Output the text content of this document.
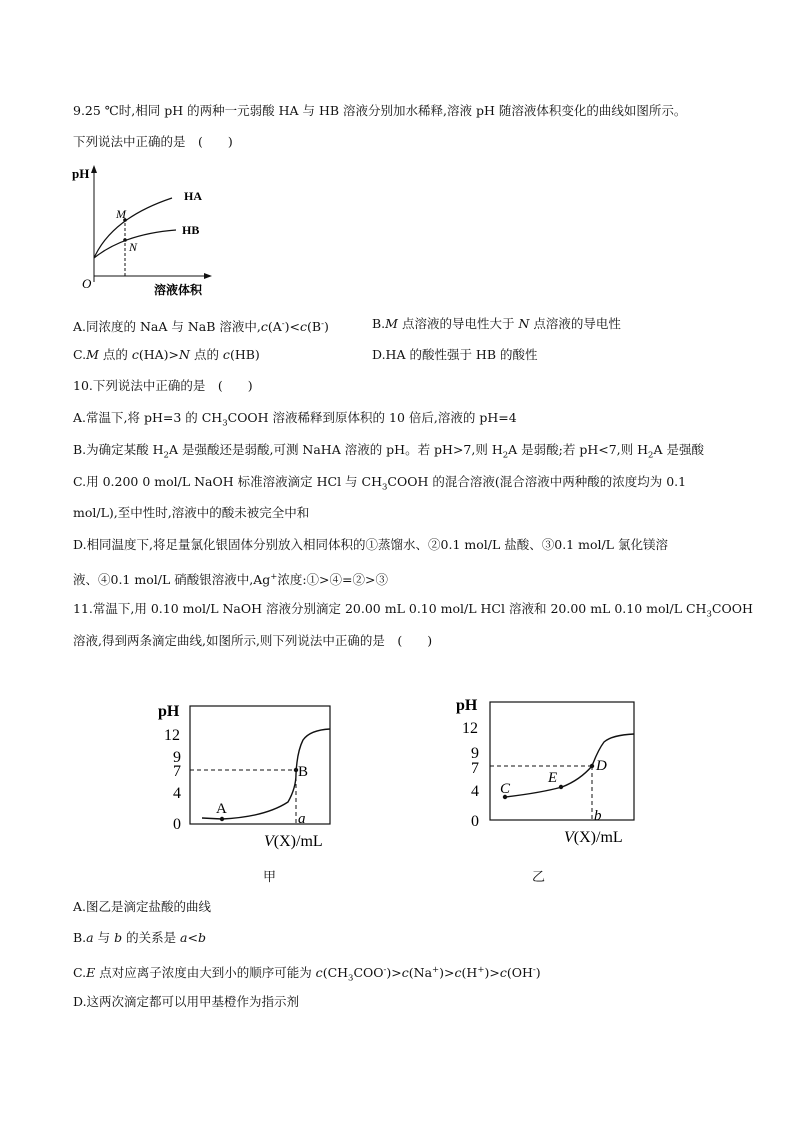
9.25 ℃时,相同 pH 的两种一元弱酸 HA 与 HB 溶液分别加水稀释,溶液 pH 随溶液体积变化的曲线如图所示。
下列说法中正确的是　(　　)
pH
O	溶液体积
HA
HB
M
N
A.同浓度的 NaA 与 NaB 溶液中,c(A-)<c(B-)	B.M 点溶液的导电性大于 N 点溶液的导电性
C.M 点的 c(HA)>N 点的 c(HB)	D.HA 的酸性强于 HB 的酸性
10.下列说法中正确的是　(　　)
A.常温下,将 pH=3 的 $CH_3COOH$ 溶液稀释到原体积的 10 倍后,溶液的 pH=4
B.为确定某酸 $H_2A$ 是强酸还是弱酸,可测 NaHA 溶液的 pH。若 pH>7,则 $H_2A$ 是弱酸;若 pH<7,则 $H_2A$ 是强酸
C.用 0.200 0 mol/L NaOH 标准溶液滴定 HCl 与 $CH_3COOH$ 的混合溶液(混合溶液中两种酸的浓度均为 0.1
mol/L),至中性时,溶液中的酸未被完全中和
D.相同温度下,将足量氯化银固体分别放入相同体积的①蒸馏水、②0.1 mol/L 盐酸、③0.1 mol/L 氯化镁溶
液、④0.1 mol/L 硝酸银溶液中,Ag+浓度:①>④=②>③
11.常温下,用 0.10 mol/L NaOH 溶液分别滴定 20.00 mL 0.10 mol/L HCl 溶液和 20.00 mL 0.10 mol/L $CH_3COOH$
溶液,得到两条滴定曲线,如图所示,则下列说法中正确的是　(　　)
pH
12
9
7
4
0
A
B
a
V(X)/mL
甲
pH
12
9
7
4
0
C
E
D
b
V(X)/mL
乙
A.图乙是滴定盐酸的曲线
B.a 与 b 的关系是 a<b
C.E 点对应离子浓度由大到小的顺序可能为 $c(CH_3COO^-)>c(Na^+)>c(H^+)>c(OH^-)$
D.这两次滴定都可以用甲基橙作为指示剂
